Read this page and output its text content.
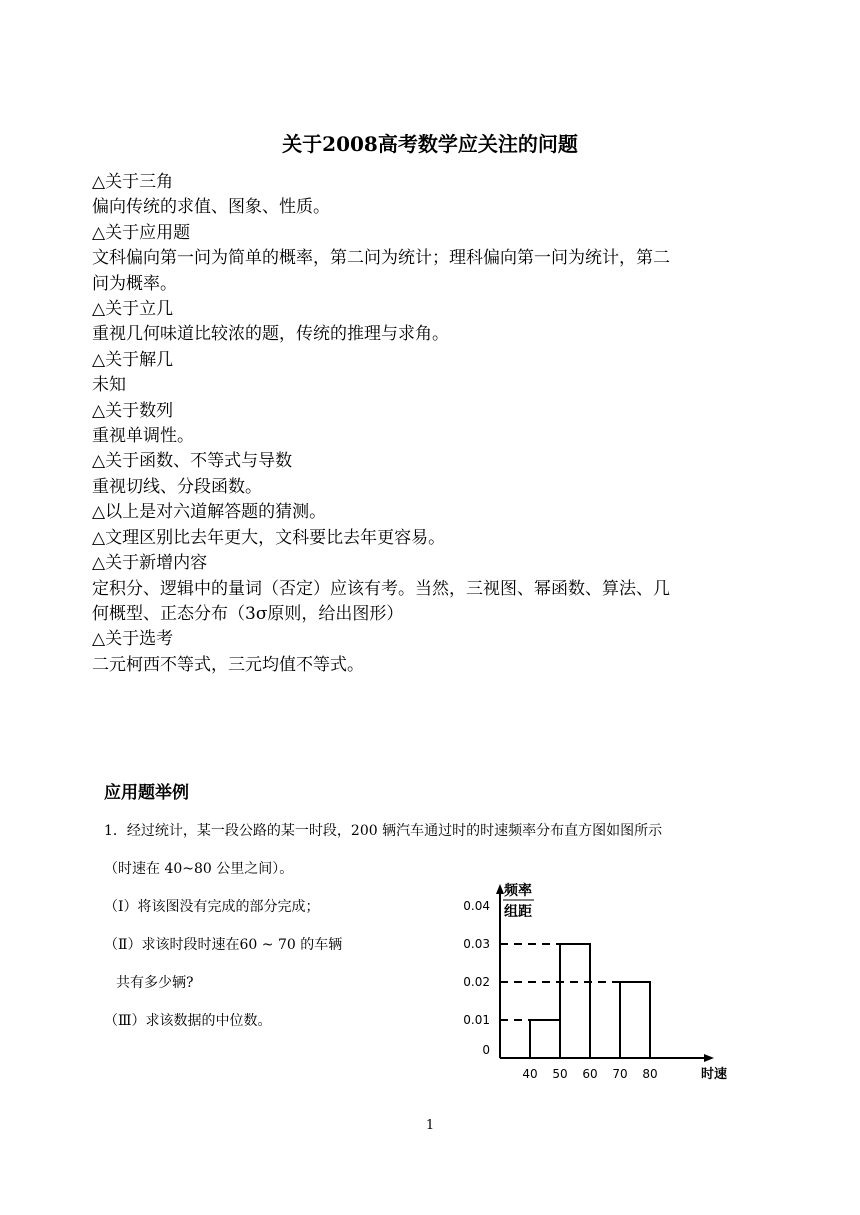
关于2008高考数学应关注的问题
△关于三角
偏向传统的求值、图象、性质。
△关于应用题
文科偏向第一问为简单的概率，第二问为统计；理科偏向第一问为统计，第二
问为概率。
△关于立几
重视几何味道比较浓的题，传统的推理与求角。
△关于解几
未知
△关于数列
重视单调性。
△关于函数、不等式与导数
重视切线、分段函数。
△以上是对六道解答题的猜测。
△文理区别比去年更大，文科要比去年更容易。
△关于新增内容
定积分、逻辑中的量词（否定）应该有考。当然，三视图、幂函数、算法、几
何概型、正态分布（3σ原则，给出图形）
△关于选考
二元柯西不等式，三元均值不等式。
应用题举例
1．经过统计，某一段公路的某一时段，200 辆汽车通过时的时速频率分布直方图如图所示
（时速在 40~80 公里之间）。
（Ⅰ）将该图没有完成的部分完成；
（Ⅱ）求该时段时速在60 ~ 70 的车辆
共有多少辆?
（Ⅲ）求该数据的中位数。
频率
组距
0.04
0.03
0.02
0.01
0
40 50 60 70 80	时速
1
